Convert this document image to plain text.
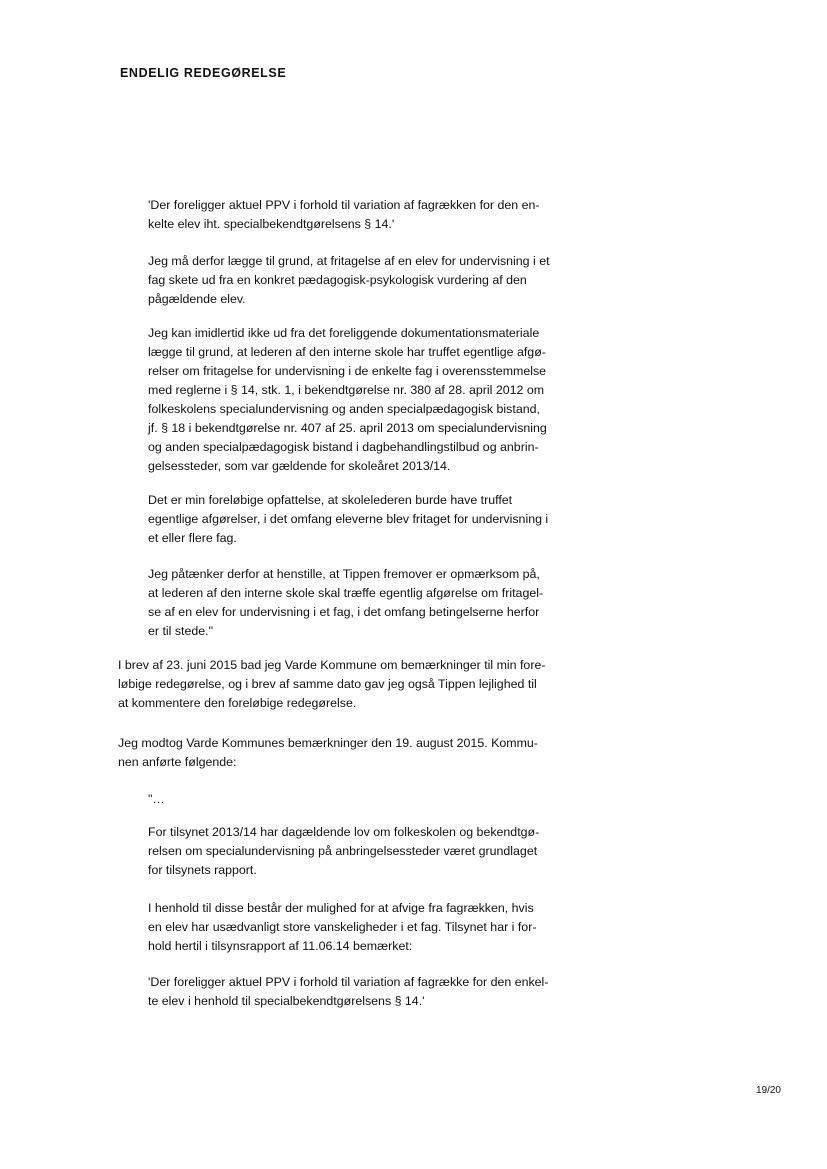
ENDELIG REDEGØRELSE

'Der foreligger aktuel PPV i forhold til variation af fagrækken for den en-
kelte elev iht. specialbekendtgørelsens § 14.'

Jeg må derfor lægge til grund, at fritagelse af en elev for undervisning i et
fag skete ud fra en konkret pædagogisk-psykologisk vurdering af den
pågældende elev.

Jeg kan imidlertid ikke ud fra det foreliggende dokumentationsmateriale
lægge til grund, at lederen af den interne skole har truffet egentlige afgø-
relser om fritagelse for undervisning i de enkelte fag i overensstemmelse
med reglerne i § 14, stk. 1, i bekendtgørelse nr. 380 af 28. april 2012 om
folkeskolens specialundervisning og anden specialpædagogisk bistand,
jf. § 18 i bekendtgørelse nr. 407 af 25. april 2013 om specialundervisning
og anden specialpædagogisk bistand i dagbehandlingstilbud og anbrin-
gelsessteder, som var gældende for skoleåret 2013/14.

Det er min foreløbige opfattelse, at skolelederen burde have truffet
egentlige afgørelser, i det omfang eleverne blev fritaget for undervisning i
et eller flere fag.

Jeg påtænker derfor at henstille, at Tippen fremover er opmærksom på,
at lederen af den interne skole skal træffe egentlig afgørelse om fritagel-
se af en elev for undervisning i et fag, i det omfang betingelserne herfor
er til stede."

I brev af 23. juni 2015 bad jeg Varde Kommune om bemærkninger til min fore-
løbige redegørelse, og i brev af samme dato gav jeg også Tippen lejlighed til
at kommentere den foreløbige redegørelse.

Jeg modtog Varde Kommunes bemærkninger den 19. august 2015. Kommu-
nen anførte følgende:

"…

For tilsynet 2013/14 har dagældende lov om folkeskolen og bekendtgø-
relsen om specialundervisning på anbringelsessteder været grundlaget
for tilsynets rapport.

I henhold til disse består der mulighed for at afvige fra fagrækken, hvis
en elev har usædvanligt store vanskeligheder i et fag. Tilsynet har i for-
hold hertil i tilsynsrapport af 11.06.14 bemærket:

'Der foreligger aktuel PPV i forhold til variation af fagrække for den enkel-
te elev i henhold til specialbekendtgørelsens § 14.'

19/20
